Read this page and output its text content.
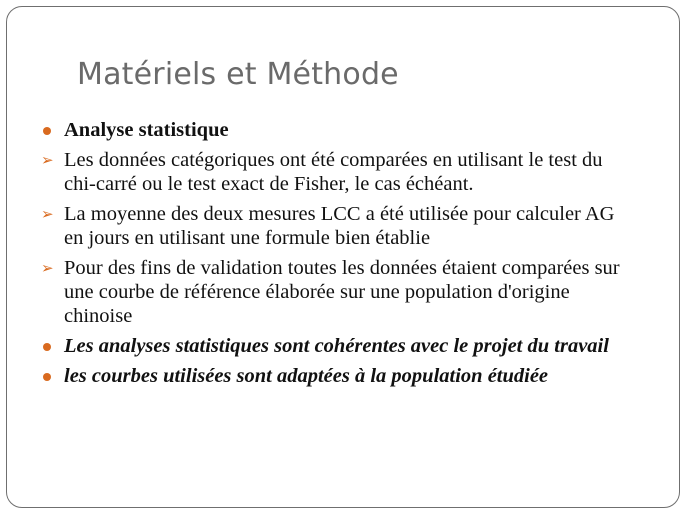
Matériels et Méthode
Analyse statistique
➢ Les données catégoriques ont été comparées en utilisant le test du chi-carré ou le test exact de Fisher, le cas échéant.
➢ La moyenne des deux mesures LCC a été utilisée pour calculer AG en jours en utilisant une formule bien établie
➢ Pour des fins de validation toutes les données étaient comparées sur une courbe de référence élaborée sur une population d'origine chinoise
Les analyses statistiques sont cohérentes avec le projet du travail
les courbes utilisées sont adaptées à la population étudiée
